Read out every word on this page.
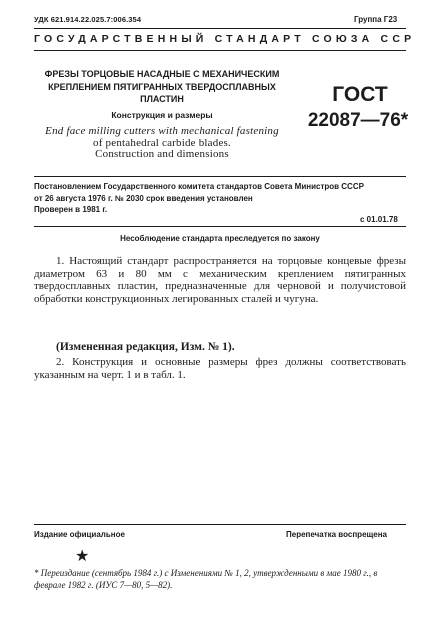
УДК 621.914.22.025.7:006.354	Группа Г23
ГОСУДАРСТВЕННЫЙ СТАНДАРТ СОЮЗА ССР
ФРЕЗЫ ТОРЦОВЫЕ НАСАДНЫЕ С МЕХАНИЧЕСКИМ
КРЕПЛЕНИЕМ ПЯТИГРАННЫХ ТВЕРДОСПЛАВНЫХ
ПЛАСТИН
Конструкция и размеры
End face milling cutters with mechanical fastening
of pentahedral carbide blades.
Construction and dimensions
ГОСТ
22087—76*
Постановлением Государственного комитета стандартов Совета Министров СССР
от 26 августа 1976 г. № 2030 срок введения установлен
Проверен в 1981 г.
с 01.01.78
Несоблюдение стандарта преследуется по закону
1. Настоящий стандарт распространяется на торцовые концевые фрезы диаметром 63 и 80 мм с механическим креплением пятигранных твердосплавных пластин, предназначенные для черновой и получистовой обработки конструкционных легированных сталей и чугуна.
(Измененная редакция, Изм. № 1).
2. Конструкция и основные размеры фрез должны соответствовать указанным на черт. 1 и в табл. 1.
Издание официальное	Перепечатка воспрещена
★
* Переиздание (сентябрь 1984 г.) с Изменениями № 1, 2, утвержденными в мае 1980 г., в феврале 1982 г. (ИУС 7—80, 5—82).
